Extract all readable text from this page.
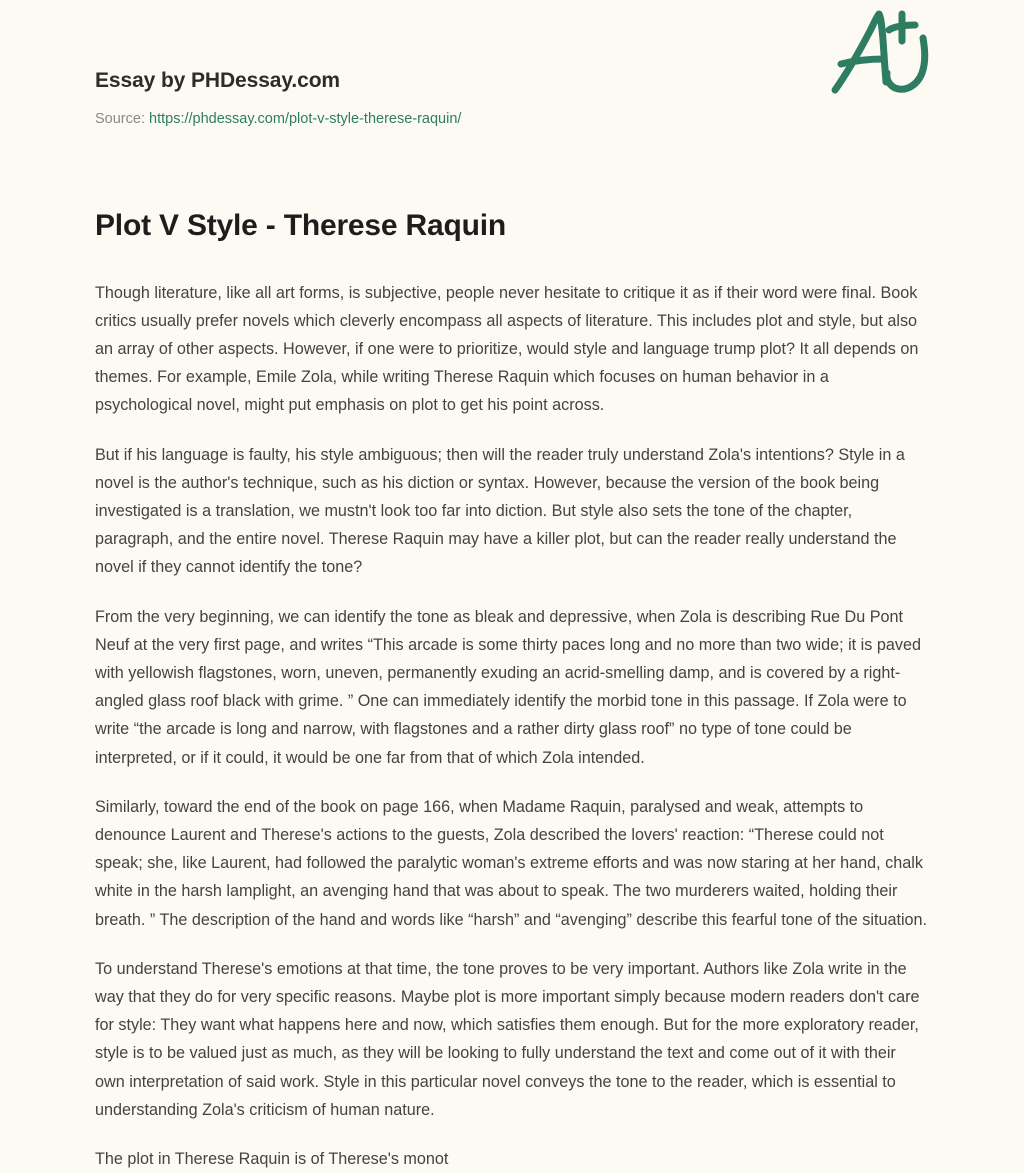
Essay by PHDessay.com
Source: https://phdessay.com/plot-v-style-therese-raquin/
Plot V Style - Therese Raquin

Though literature, like all art forms, is subjective, people never hesitate to critique it as if their word were final. Book critics usually prefer novels which cleverly encompass all aspects of literature. This includes plot and style, but also an array of other aspects. However, if one were to prioritize, would style and language trump plot? It all depends on themes. For example, Emile Zola, while writing Therese Raquin which focuses on human behavior in a psychological novel, might put emphasis on plot to get his point across.

But if his language is faulty, his style ambiguous; then will the reader truly understand Zola's intentions? Style in a novel is the author's technique, such as his diction or syntax. However, because the version of the book being investigated is a translation, we mustn't look too far into diction. But style also sets the tone of the chapter, paragraph, and the entire novel. Therese Raquin may have a killer plot, but can the reader really understand the novel if they cannot identify the tone?

From the very beginning, we can identify the tone as bleak and depressive, when Zola is describing Rue Du Pont Neuf at the very first page, and writes “This arcade is some thirty paces long and no more than two wide; it is paved with yellowish flagstones, worn, uneven, permanently exuding an acrid-smelling damp, and is covered by a right-angled glass roof black with grime. ” One can immediately identify the morbid tone in this passage. If Zola were to write “the arcade is long and narrow, with flagstones and a rather dirty glass roof” no type of tone could be interpreted, or if it could, it would be one far from that of which Zola intended.

Similarly, toward the end of the book on page 166, when Madame Raquin, paralysed and weak, attempts to denounce Laurent and Therese's actions to the guests, Zola described the lovers' reaction: “Therese could not speak; she, like Laurent, had followed the paralytic woman's extreme efforts and was now staring at her hand, chalk white in the harsh lamplight, an avenging hand that was about to speak. The two murderers waited, holding their breath. ” The description of the hand and words like “harsh” and “avenging” describe this fearful tone of the situation.

To understand Therese's emotions at that time, the tone proves to be very important. Authors like Zola write in the way that they do for very specific reasons. Maybe plot is more important simply because modern readers don't care for style: They want what happens here and now, which satisfies them enough. But for the more exploratory reader, style is to be valued just as much, as they will be looking to fully understand the text and come out of it with their own interpretation of said work. Style in this particular novel conveys the tone to the reader, which is essential to understanding Zola's criticism of human nature.

The plot in Therese Raquin is of Therese's monot
